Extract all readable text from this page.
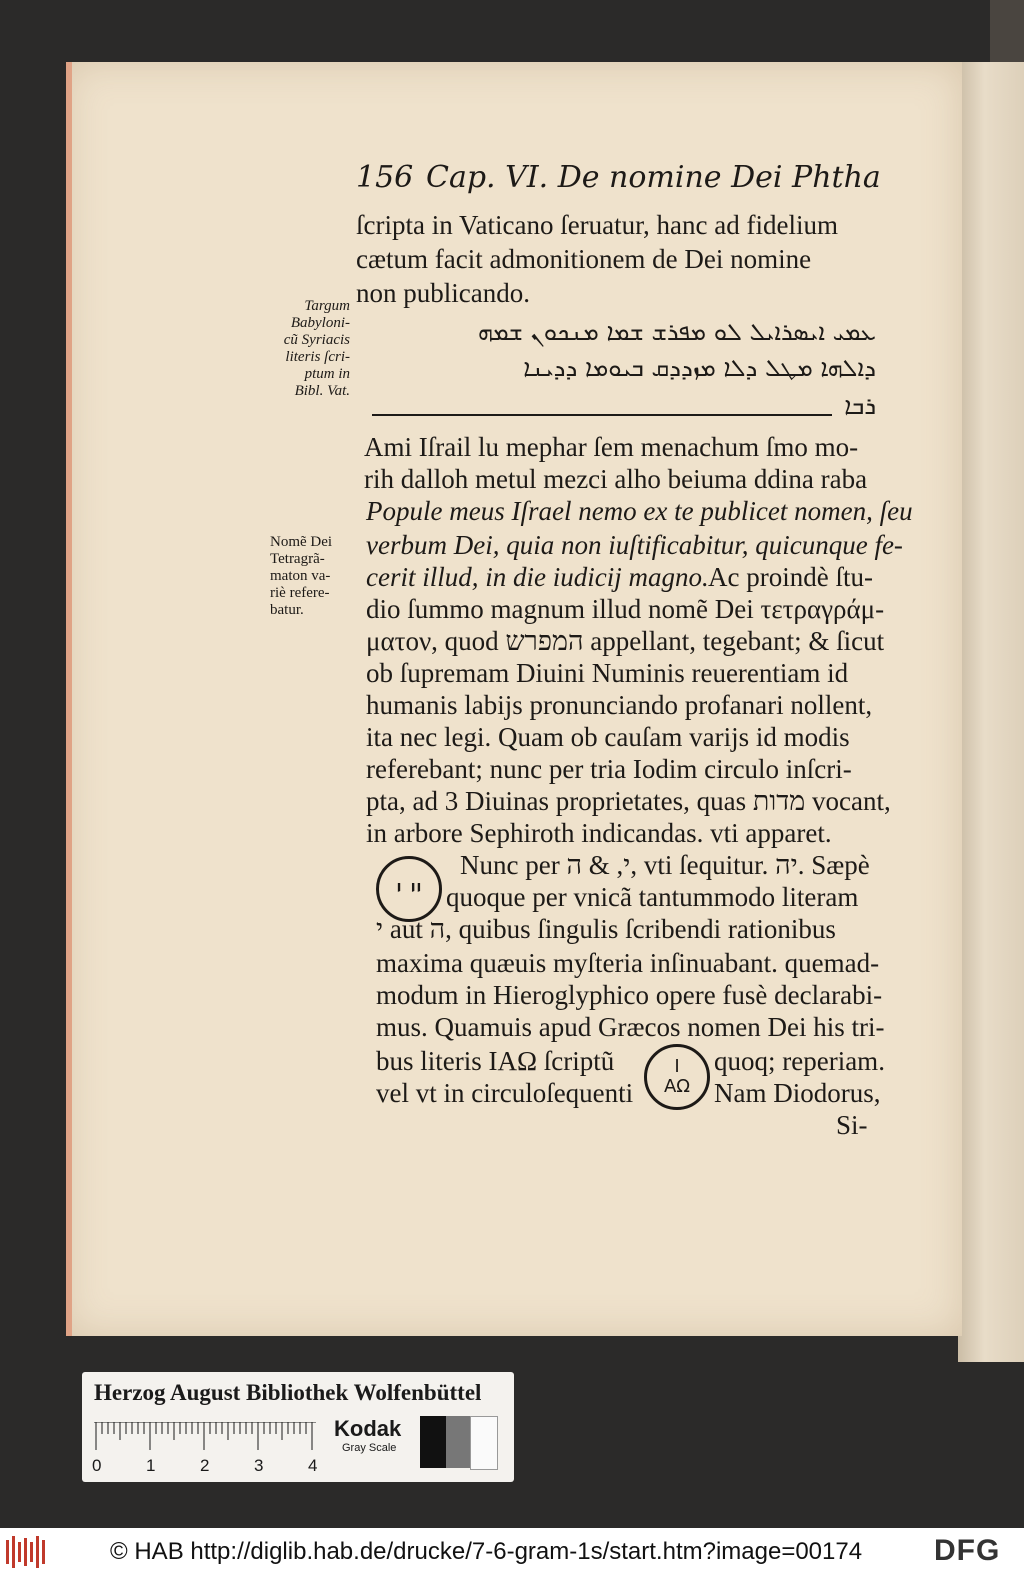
156 Cap. VI. De nomine Dei Phtha
ſcripta in Vaticano ſeruatur, hanc ad fidelium
cætum facit admonitionem de Dei nomine
non publicando.
Targum
Babyloni-
cũ Syriacis
literis ſcri-
ptum in
Bibl. Vat.
ܥܡܝ ܐܝܣܪܐܝܠ ܠܘ ܡܦܪܫ ܫܡܐ ܡܢܟܘܢ ܫܡܗ
ܕܐܠܗܐ ܡܛܠ ܕܠܐ ܡܙܕܕܩ ܒܝܘܡܐ ܕܕܝܢܐ
ܪܒܐ
Ami Iſrail lu mephar ſem menachum ſmo mo-
rih dalloh metul mezci alho beiuma ddina raba
Popule meus Iſrael nemo ex te publicet nomen, ſeu
verbum Dei, quia non iuſtificabitur, quicunque fe-
cerit illud, in die iudicij magno.
Nomẽ Dei
Tetragrã-
maton va-
riè refere-
batur.
Ac proindè ſtu-
dio ſummo magnum illud nomẽ Dei τετραγράμ-
ματον, quod המפרש appellant, tegebant; & ſicut
ob ſupremam Diuini Numinis reuerentiam id
humanis labijs pronunciando profanari nollent,
ita nec legi. Quam ob cauſam varijs id modis
referebant; nunc per tria Iodim circulo inſcri-
pta, ad 3 Diuinas proprietates, quas מדות vocant,
in arbore Sephiroth indicandas. vti apparet.
יי י
Nunc per י, & ה, vti ſequitur. יה. Sæpè
quoque per vnicã tantummodo literam
י aut ה, quibus ſingulis ſcribendi rationibus
maxima quæuis myſteria inſinuabant. quemad-
modum in Hieroglyphico opere fusè declarabi-
mus. Quamuis apud Græcos nomen Dei his tri-
bus literis ΙΑΩ ſcriptũ	quoq; reperiam.
vel vt in circuloſequenti	Nam Diodorus,
I
ΑΩ
Si-
Herzog August Bibliothek Wolfenbüttel
0	1	2	3	4
Kodak
Gray Scale
© HAB http://diglib.hab.de/drucke/7-6-gram-1s/start.htm?image=00174 DFG
